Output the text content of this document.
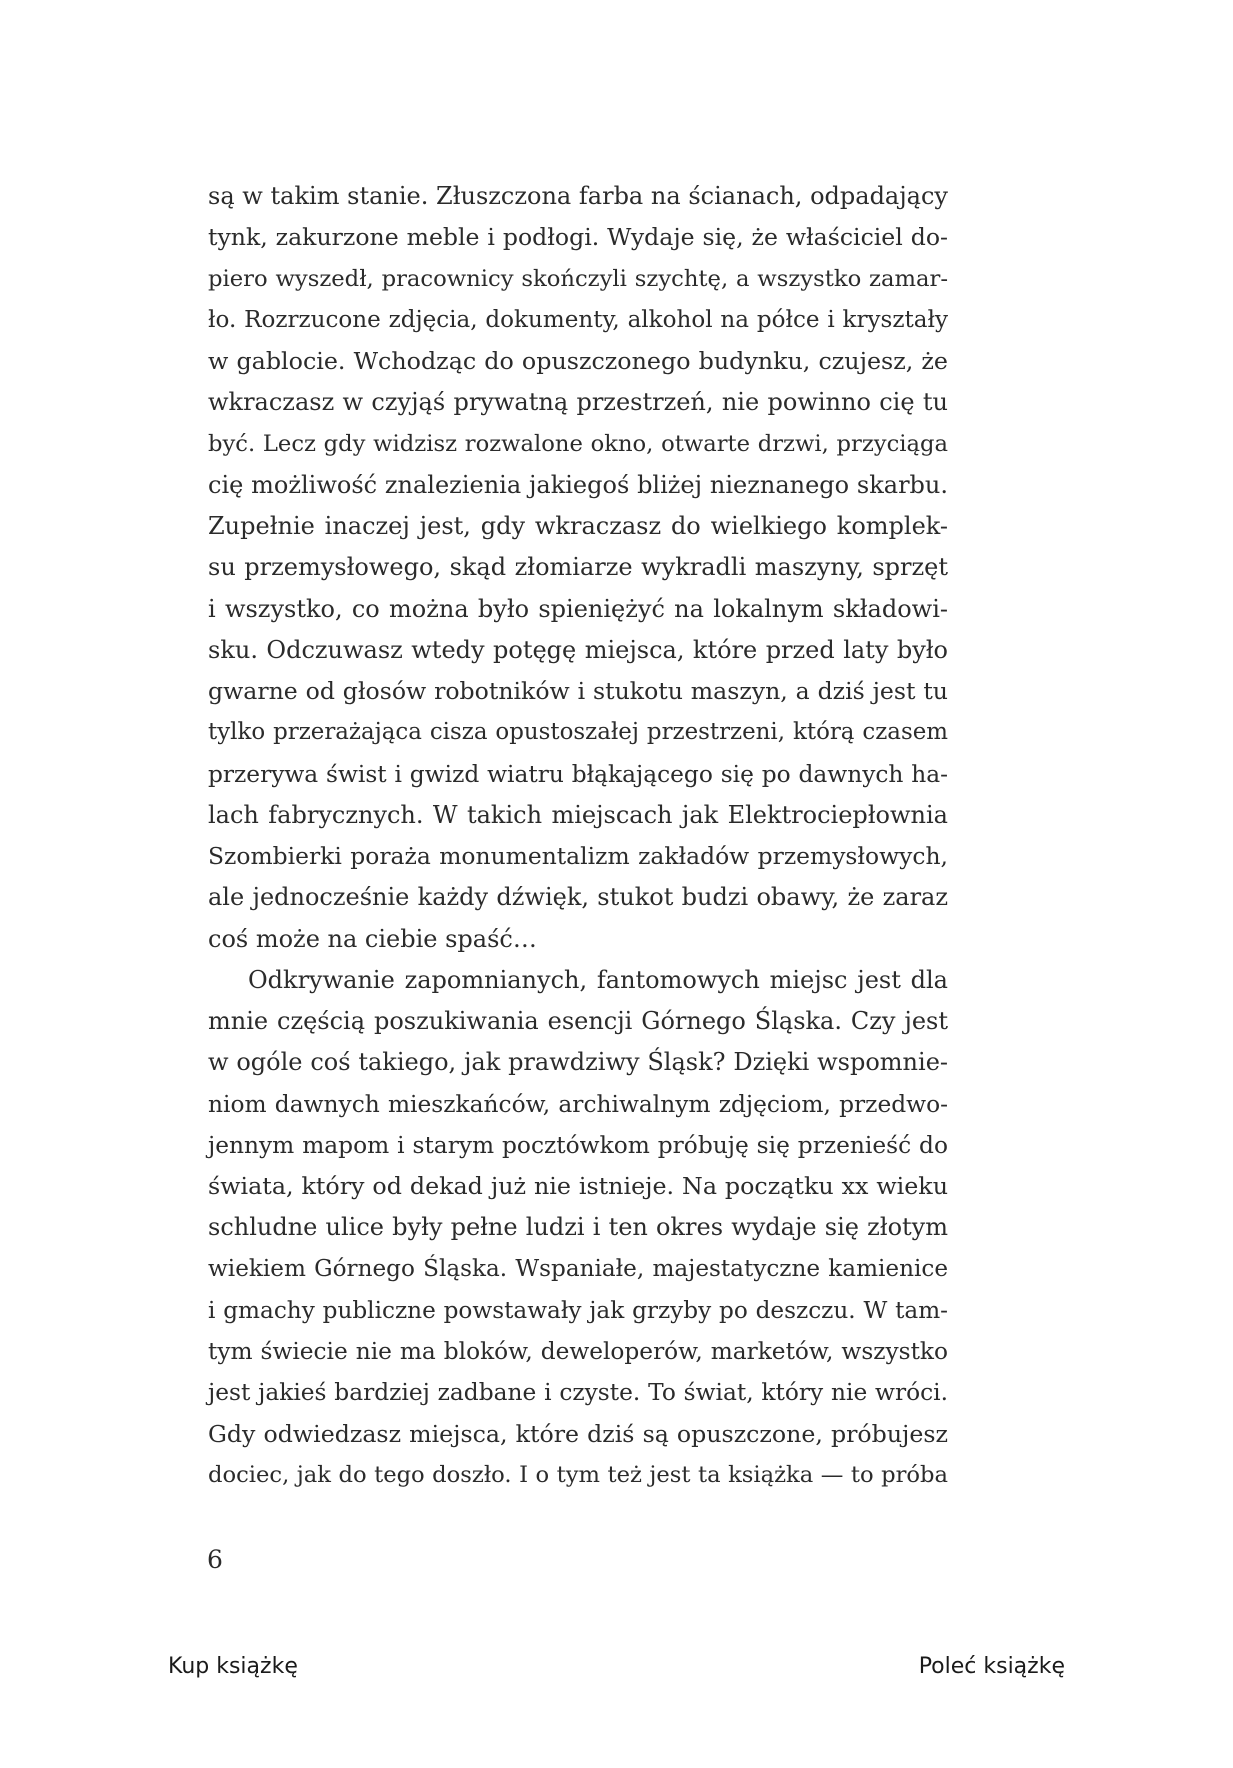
są w takim stanie. Złuszczona farba na ścianach, odpadający
tynk, zakurzone meble i podłogi. Wydaje się, że właściciel do-
piero wyszedł, pracownicy skończyli szychtę, a wszystko zamar-
ło. Rozrzucone zdjęcia, dokumenty, alkohol na półce i kryształy
w gablocie. Wchodząc do opuszczonego budynku, czujesz, że
wkraczasz w czyjąś prywatną przestrzeń, nie powinno cię tu
być. Lecz gdy widzisz rozwalone okno, otwarte drzwi, przyciąga
cię możliwość znalezienia jakiegoś bliżej nieznanego skarbu.
Zupełnie inaczej jest, gdy wkraczasz do wielkiego komplek-
su przemysłowego, skąd złomiarze wykradli maszyny, sprzęt
i wszystko, co można było spieniężyć na lokalnym składowi-
sku. Odczuwasz wtedy potęgę miejsca, które przed laty było
gwarne od głosów robotników i stukotu maszyn, a dziś jest tu
tylko przerażająca cisza opustoszałej przestrzeni, którą czasem
przerywa świst i gwizd wiatru błąkającego się po dawnych ha-
lach fabrycznych. W takich miejscach jak Elektrociepłownia
Szombierki poraża monumentalizm zakładów przemysłowych,
ale jednocześnie każdy dźwięk, stukot budzi obawy, że zaraz
coś może na ciebie spaść…
Odkrywanie zapomnianych, fantomowych miejsc jest dla
mnie częścią poszukiwania esencji Górnego Śląska. Czy jest
w ogóle coś takiego, jak prawdziwy Śląsk? Dzięki wspomnie-
niom dawnych mieszkańców, archiwalnym zdjęciom, przedwo-
jennym mapom i starym pocztówkom próbuję się przenieść do
świata, który od dekad już nie istnieje. Na początku xx wieku
schludne ulice były pełne ludzi i ten okres wydaje się złotym
wiekiem Górnego Śląska. Wspaniałe, majestatyczne kamienice
i gmachy publiczne powstawały jak grzyby po deszczu. W tam-
tym świecie nie ma bloków, deweloperów, marketów, wszystko
jest jakieś bardziej zadbane i czyste. To świat, który nie wróci.
Gdy odwiedzasz miejsca, które dziś są opuszczone, próbujesz
dociec, jak do tego doszło. I o tym też jest ta książka — to próba
6
Kup książkę	Poleć książkę
